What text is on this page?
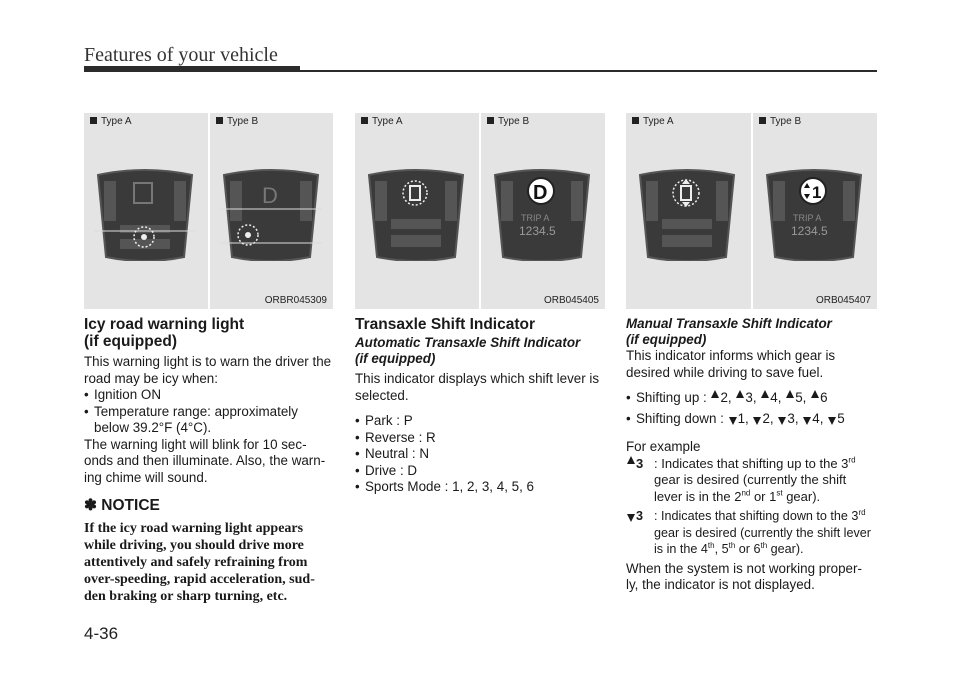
Features of your vehicle
Type A	Type B
D
ORBR045309
Type A	Type B
D
TRIP A
1234.5
ORB045405
Type A	Type B
1
TRIP A
1234.5
ORB045407
Icy road warning light
(if equipped)

This warning light is to warn the driver the road may be icy when:

• Ignition ON
• Temperature range: approximately below 39.2°F (4°C).

The warning light will blink for 10 sec- onds and then illuminate. Also, the warn- ing chime will sound.

✽ NOTICE
If the icy road warning light appears while driving, you should drive more attentively and safely refraining from over-speeding, rapid acceleration, sud- den braking or sharp turning, etc.
Transaxle Shift Indicator
Automatic Transaxle Shift Indicator
(if equipped)

This indicator displays which shift lever is selected.

• Park : P
• Reverse : R
• Neutral : N
• Drive : D
• Sports Mode : 1, 2, 3, 4, 5, 6
Manual Transaxle Shift Indicator
(if equipped)

This indicator informs which gear is desired while driving to save fuel.

• Shifting up : 2, 3, 4, 5, 6
• Shifting down : 1, 2, 3, 4, 5

For example

3 : Indicates that shifting up to the 3rd gear is desired (currently the shift lever is in the 2nd or 1st gear).
3 : Indicates that shifting down to the 3rd gear is desired (currently the shift lever is in the 4th, 5th or 6th gear).

When the system is not working proper- ly, the indicator is not displayed.

4-36
